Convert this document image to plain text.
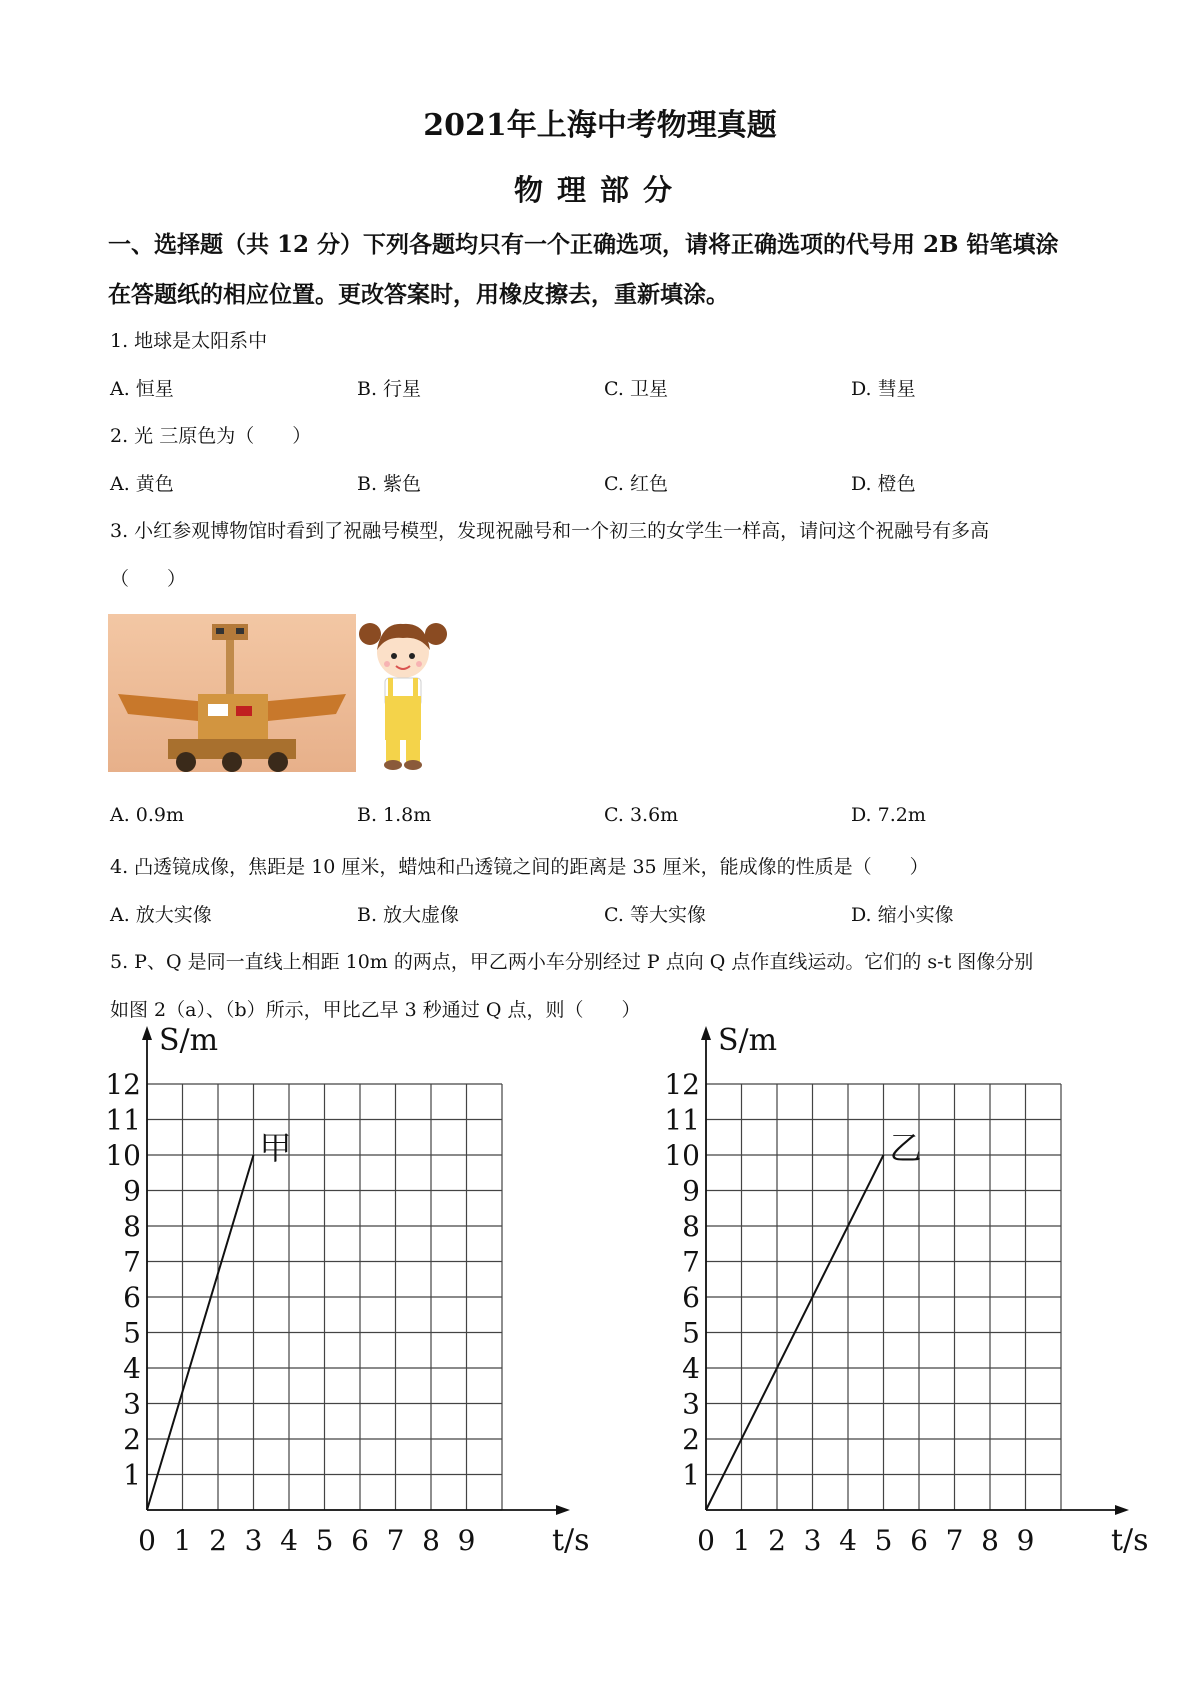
2021年上海中考物理真题
物理部分
一、选择题（共 12 分）下列各题均只有一个正确选项，请将正确选项的代号用 2B 铅笔填涂
在答题纸的相应位置。更改答案时，用橡皮擦去，重新填涂。
1. 地球是太阳系中
A. 恒星	B. 行星	C. 卫星	D. 彗星
2. 光 三原色为（　　）
A. 黄色	B. 紫色	C. 红色	D. 橙色
3. 小红参观博物馆时看到了祝融号模型，发现祝融号和一个初三的女学生一样高，请问这个祝融号有多高
（　　）
A. 0.9m	B. 1.8m	C. 3.6m	D. 7.2m
4. 凸透镜成像，焦距是 10 厘米，蜡烛和凸透镜之间的距离是 35 厘米，能成像的性质是（　　）
A. 放大实像	B. 放大虚像	C. 等大实像	D. 缩小实像
5. P、Q 是同一直线上相距 10m 的两点，甲乙两小车分别经过 P 点向 Q 点作直线运动。它们的 s-t 图像分别
如图 2（a）、（b）所示，甲比乙早 3 秒通过 Q 点，则（　　）
1
2
3
4
5
6
7
8
9
10
11
12
0 1 2 3 4 5 6 7 8 9
S/m
t/s
甲
1
2
3
4
5
6
7
8
9
10
11
12
0 1 2 3 4 5 6 7 8 9
S/m
t/s
乙
